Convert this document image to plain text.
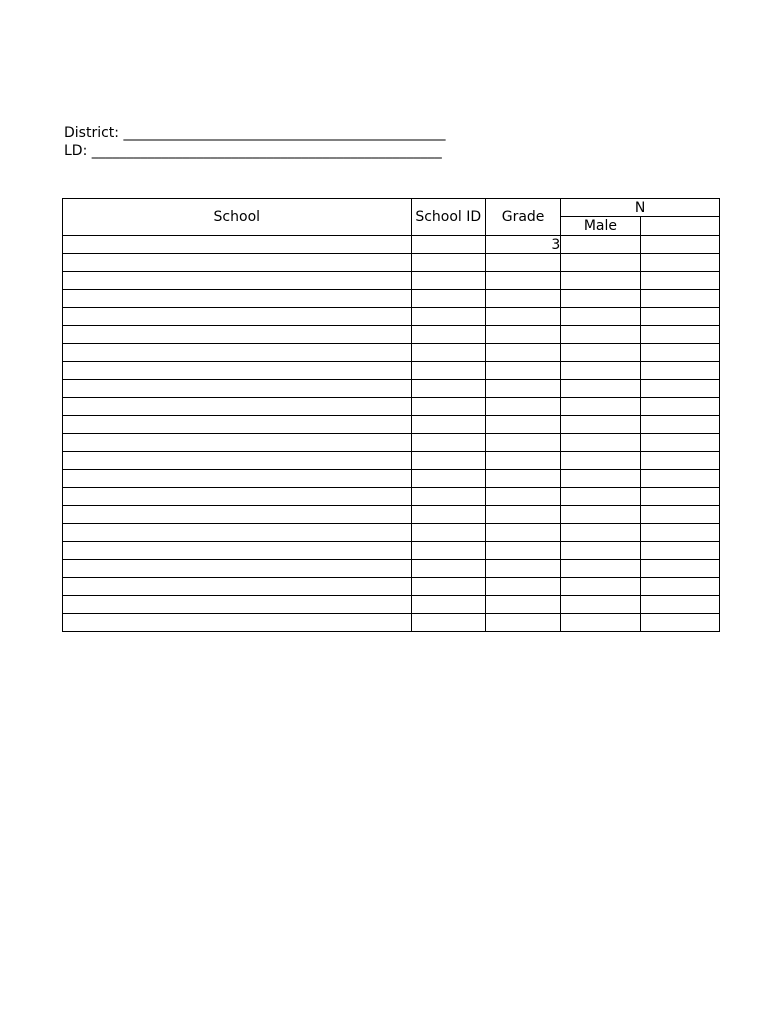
District: ______________________________________________
LD: __________________________________________________
School	School ID	Grade	N	
			Male	
		3		
